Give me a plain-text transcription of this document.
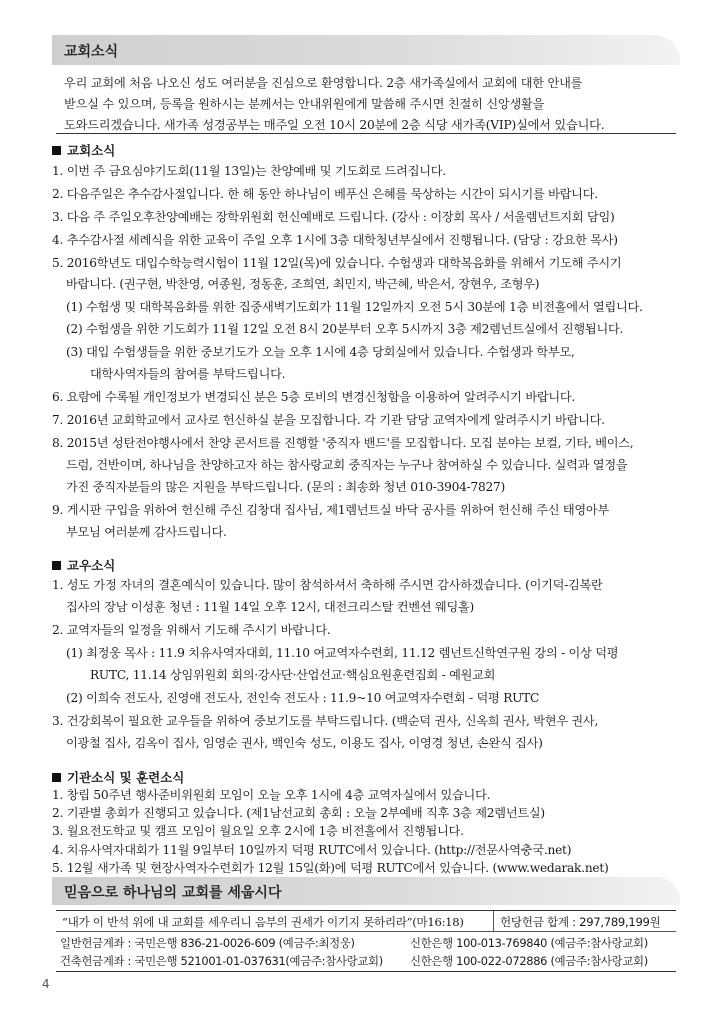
교회소식
우리 교회에 처음 나오신 성도 여러분을 진심으로 환영합니다. 2층 새가족실에서 교회에 대한 안내를
받으실 수 있으며, 등록을 원하시는 분께서는 안내위원에게 말씀해 주시면 친절히 신앙생활을
도와드리겠습니다. 새가족 성경공부는 매주일 오전 10시 20분에 2층 식당 새가족(VIP)실에서 있습니다.
교회소식
1. 이번 주 금요심야기도회(11월 13일)는 찬양예배 및 기도회로 드려집니다.
2. 다음주일은 추수감사절입니다. 한 해 동안 하나님이 베푸신 은혜를 묵상하는 시간이 되시기를 바랍니다.
3. 다음 주 주일오후찬양예배는 장학위원회 헌신예배로 드립니다. (강사 : 이장회 목사 / 서울렘넌트지회 담임)
4. 추수감사절 세례식을 위한 교육이 주일 오후 1시에 3층 대학청년부실에서 진행됩니다. (담당 : 강요한 목사)
5. 2016학년도 대입수학능력시험이 11월 12일(목)에 있습니다. 수험생과 대학복음화를 위해서 기도해 주시기
바랍니다. (권구현, 박찬영, 여종원, 정동훈, 조희연, 최민지, 박근혜, 박은서, 장현우, 조형우)
(1) 수험생 및 대학복음화를 위한 집중새벽기도회가 11월 12일까지 오전 5시 30분에 1층 비전홀에서 열립니다.
(2) 수험생을 위한 기도회가 11월 12일 오전 8시 20분부터 오후 5시까지 3층 제2렘넌트실에서 진행됩니다.
(3) 대입 수험생들을 위한 중보기도가 오늘 오후 1시에 4층 당회실에서 있습니다. 수험생과 학부모,
대학사역자들의 참여를 부탁드립니다.
6. 요람에 수록될 개인정보가 변경되신 분은 5층 로비의 변경신청함을 이용하여 알려주시기 바랍니다.
7. 2016년 교회학교에서 교사로 헌신하실 분을 모집합니다. 각 기관 담당 교역자에게 알려주시기 바랍니다.
8. 2015년 성탄전야행사에서 찬양 콘서트를 진행할 '중직자 밴드'를 모집합니다. 모집 분야는 보컬, 기타, 베이스,
드럼, 건반이며, 하나님을 찬양하고자 하는 참사랑교회 중직자는 누구나 참여하실 수 있습니다. 실력과 열정을
가진 중직자분들의 많은 지원을 부탁드립니다. (문의 : 최송화 청년 010-3904-7827)
9. 게시판 구입을 위하여 헌신해 주신 김창대 집사님, 제1렘넌트실 바닥 공사를 위하여 헌신해 주신 태영아부
부모님 여러분께 감사드립니다.
교우소식
1. 성도 가정 자녀의 결혼예식이 있습니다. 많이 참석하셔서 축하해 주시면 감사하겠습니다. (이기덕-김복란
집사의 장남 이성훈 청년 : 11월 14일 오후 12시, 대전크리스탈 컨벤션 웨딩홀)
2. 교역자들의 일정을 위해서 기도해 주시기 바랍니다.
(1) 최정웅 목사 : 11.9 치유사역자대회, 11.10 여교역자수련회, 11.12 렘넌트신학연구원 강의 - 이상 덕평
RUTC, 11.14 상임위원회 회의·강사단·산업선교·핵심요원훈련집회 - 예원교회
(2) 이희숙 전도사, 진영애 전도사, 전인숙 전도사 : 11.9~10 여교역자수련회 - 덕평 RUTC
3. 건강회복이 필요한 교우들을 위하여 중보기도를 부탁드립니다. (백순덕 권사, 신옥희 권사, 박현우 권사,
이광철 집사, 김옥이 집사, 임영순 권사, 백인숙 성도, 이용도 집사, 이영경 청년, 손완식 집사)
기관소식 및 훈련소식
1. 창립 50주년 행사준비위원회 모임이 오늘 오후 1시에 4층 교역자실에서 있습니다.
2. 기관별 총회가 진행되고 있습니다. (제1남선교회 총회 : 오늘 2부예배 직후 3층 제2렘넌트실)
3. 월요전도학교 및 캠프 모임이 월요일 오후 2시에 1층 비전홀에서 진행됩니다.
4. 치유사역자대회가 11월 9일부터 10일까지 덕평 RUTC에서 있습니다. (http://전문사역충국.net)
5. 12월 새가족 및 현장사역자수련회가 12월 15일(화)에 덕평 RUTC에서 있습니다. (www.wedarak.net)
믿음으로 하나님의 교회를 세웁시다
“내가 이 반석 위에 내 교회를 세우리니 음부의 권세가 이기지 못하리라”(마16:18)	헌당헌금 합계 : 297,789,199원
일반헌금계좌 : 국민은행 836-21-0026-609 (예금주:최정웅)	신한은행 100-013-769840 (예금주:참사랑교회)
건축헌금계좌 : 국민은행 521001-01-037631(예금주:참사랑교회) 신한은행 100-022-072886 (예금주:참사랑교회)
4
